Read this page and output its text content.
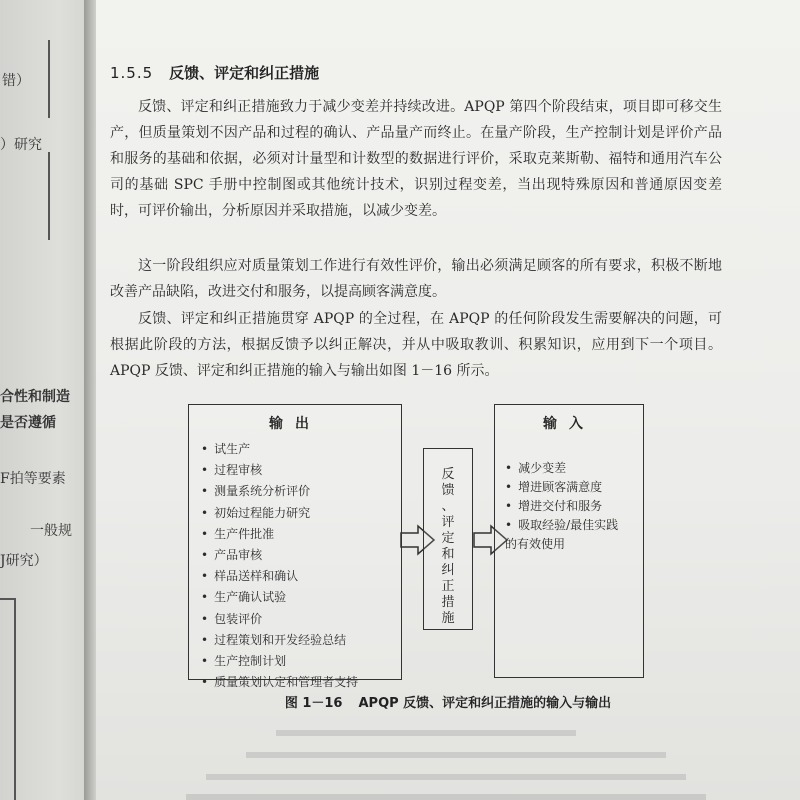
错）
）研究
合性和制造
是否遵循
F拍等要素
一般规
J研究）
1.5.5 反馈、评定和纠正措施

反馈、评定和纠正措施致力于减少变差并持续改进。APQP 第四个阶段结束，项目即可移交生产，但质量策划不因产品和过程的确认、产品量产而终止。在量产阶段，生产控制计划是评价产品和服务的基础和依据，必须对计量型和计数型的数据进行评价，采取克莱斯勒、福特和通用汽车公司的基础 SPC 手册中控制图或其他统计技术，识别过程变差，当出现特殊原因和普通原因变差时，可评价输出，分析原因并采取措施，以减少变差。

这一阶段组织应对质量策划工作进行有效性评价，输出必须满足顾客的所有要求，积极不断地改善产品缺陷，改进交付和服务，以提高顾客满意度。

反馈、评定和纠正措施贯穿 APQP 的全过程，在 APQP 的任何阶段发生需要解决的问题，可根据此阶段的方法，根据反馈予以纠正解决，并从中吸取教训、积累知识，应用到下一个项目。APQP 反馈、评定和纠正措施的输入与输出如图 1－16 所示。

输出
• 试生产
• 过程审核
• 测量系统分析评价
• 初始过程能力研究
• 生产件批准
• 产品审核
• 样品送样和确认
• 生产确认试验
• 包装评价
• 过程策划和开发经验总结
• 生产控制计划
• 质量策划认定和管理者支持
反
馈
、
评
定
和
纠
正
措
施
输入
• 减少变差
• 增进顾客满意度
• 增进交付和服务
• 吸取经验/最佳实践的有效使用
图 1－16 APQP 反馈、评定和纠正措施的输入与输出
